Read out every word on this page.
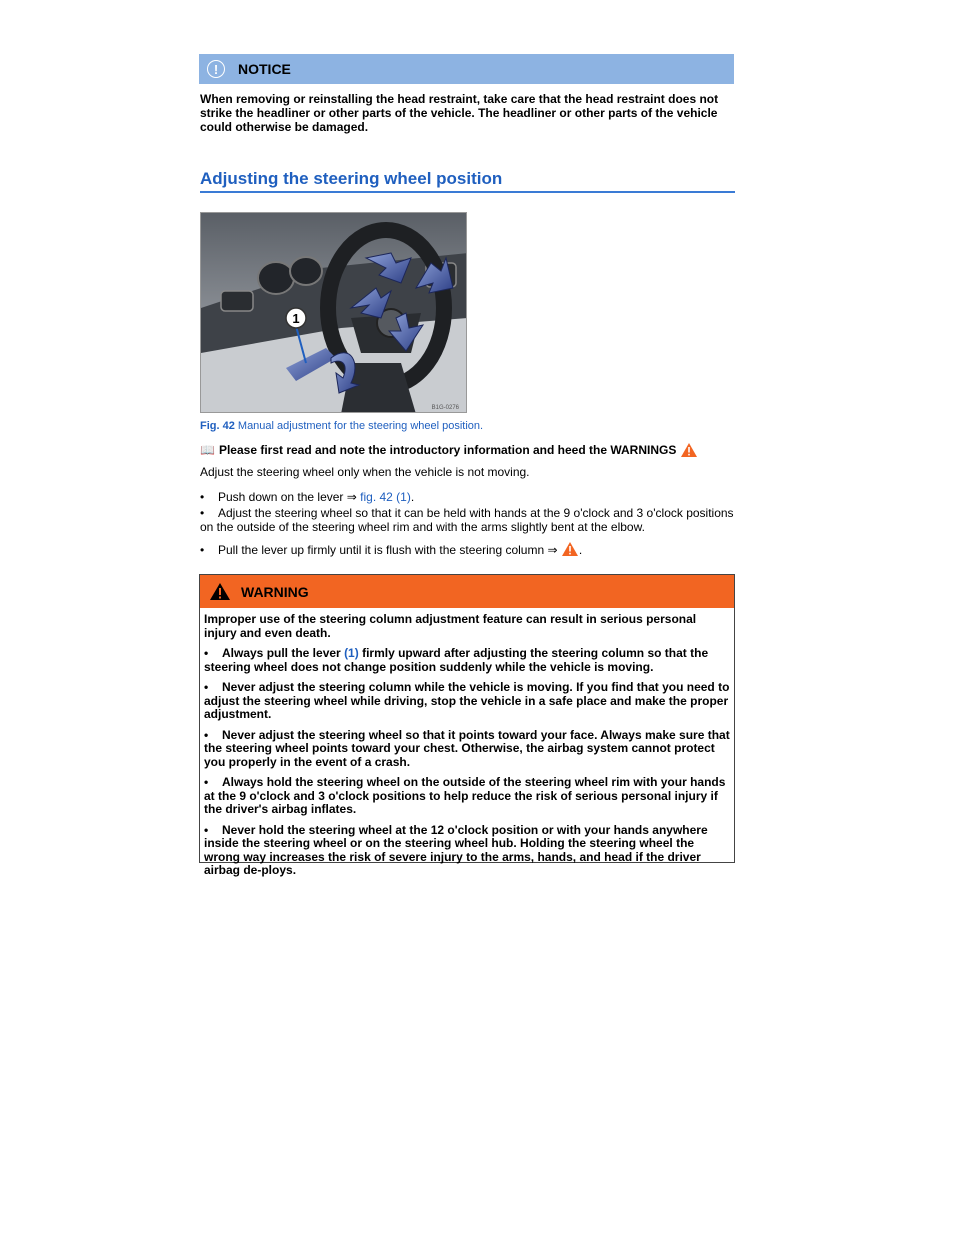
!	NOTICE
When removing or reinstalling the head restraint, take care that the head restraint does not strike the headliner or other parts of the vehicle. The headliner or other parts of the vehicle could otherwise be damaged.
Adjusting the steering wheel position
1
B1G-0276
Fig. 42 Manual adjustment for the steering wheel position.
📖 Please first read and note the introductory information and heed the WARNINGS
Adjust the steering wheel only when the vehicle is not moving.
• Push down on the lever ⇒ fig. 42 (1).
• Adjust the steering wheel so that it can be held with hands at the 9 o'clock and 3 o'clock positions on the outside of the steering wheel rim and with the arms slightly bent at the elbow.
• Pull the lever up firmly until it is flush with the steering column ⇒ .
WARNING

Improper use of the steering column adjustment feature can result in serious personal injury and even death.

• Always pull the lever (1) firmly upward after adjusting the steering column so that the steering wheel does not change position suddenly while the vehicle is moving.

• Never adjust the steering column while the vehicle is moving. If you find that you need to adjust the steering wheel while driving, stop the vehicle in a safe place and make the proper adjustment.

• Never adjust the steering wheel so that it points toward your face. Always make sure that the steering wheel points toward your chest. Otherwise, the airbag system cannot protect you properly in the event of a crash.

• Always hold the steering wheel on the outside of the steering wheel rim with your hands at the 9 o'clock and 3 o'clock positions to help reduce the risk of serious personal injury if the driver's airbag inflates.

• Never hold the steering wheel at the 12 o'clock position or with your hands anywhere inside the steering wheel or on the steering wheel hub. Holding the steering wheel the wrong way increases the risk of severe injury to the arms, hands, and head if the driver airbag de-ploys.
